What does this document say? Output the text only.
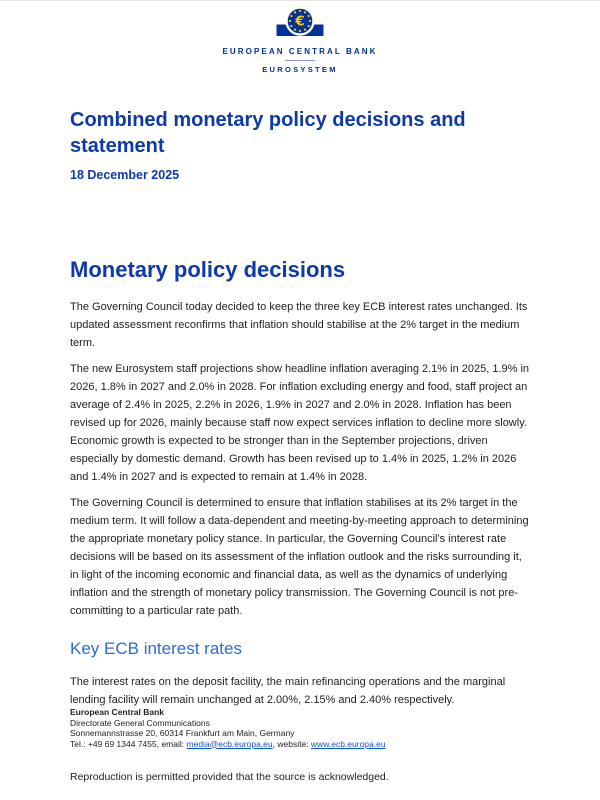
€
EUROPEAN CENTRAL BANK
EUROSYSTEM
Combined monetary policy decisions and statement
18 December 2025
Monetary policy decisions

The Governing Council today decided to keep the three key ECB interest rates unchanged. Its updated assessment reconfirms that inflation should stabilise at the 2% target in the medium term.

The new Eurosystem staff projections show headline inflation averaging 2.1% in 2025, 1.9% in 2026, 1.8% in 2027 and 2.0% in 2028. For inflation excluding energy and food, staff project an average of 2.4% in 2025, 2.2% in 2026, 1.9% in 2027 and 2.0% in 2028. Inflation has been revised up for 2026, mainly because staff now expect services inflation to decline more slowly. Economic growth is expected to be stronger than in the September projections, driven especially by domestic demand. Growth has been revised up to 1.4% in 2025, 1.2% in 2026 and 1.4% in 2027 and is expected to remain at 1.4% in 2028.

The Governing Council is determined to ensure that inflation stabilises at its 2% target in the medium term. It will follow a data-dependent and meeting-by-meeting approach to determining the appropriate monetary policy stance. In particular, the Governing Council's interest rate decisions will be based on its assessment of the inflation outlook and the risks surrounding it, in light of the incoming economic and financial data, as well as the dynamics of underlying inflation and the strength of monetary policy transmission. The Governing Council is not pre-committing to a particular rate path.

Key ECB interest rates

The interest rates on the deposit facility, the main refinancing operations and the marginal lending facility will remain unchanged at 2.00%, 2.15% and 2.40% respectively.

European Central Bank
Directorate General Communications
Sonnemannstrasse 20, 60314 Frankfurt am Main, Germany
Tel.: +49 69 1344 7455, email: media@ecb.europa.eu, website: www.ecb.europa.eu
Reproduction is permitted provided that the source is acknowledged.
